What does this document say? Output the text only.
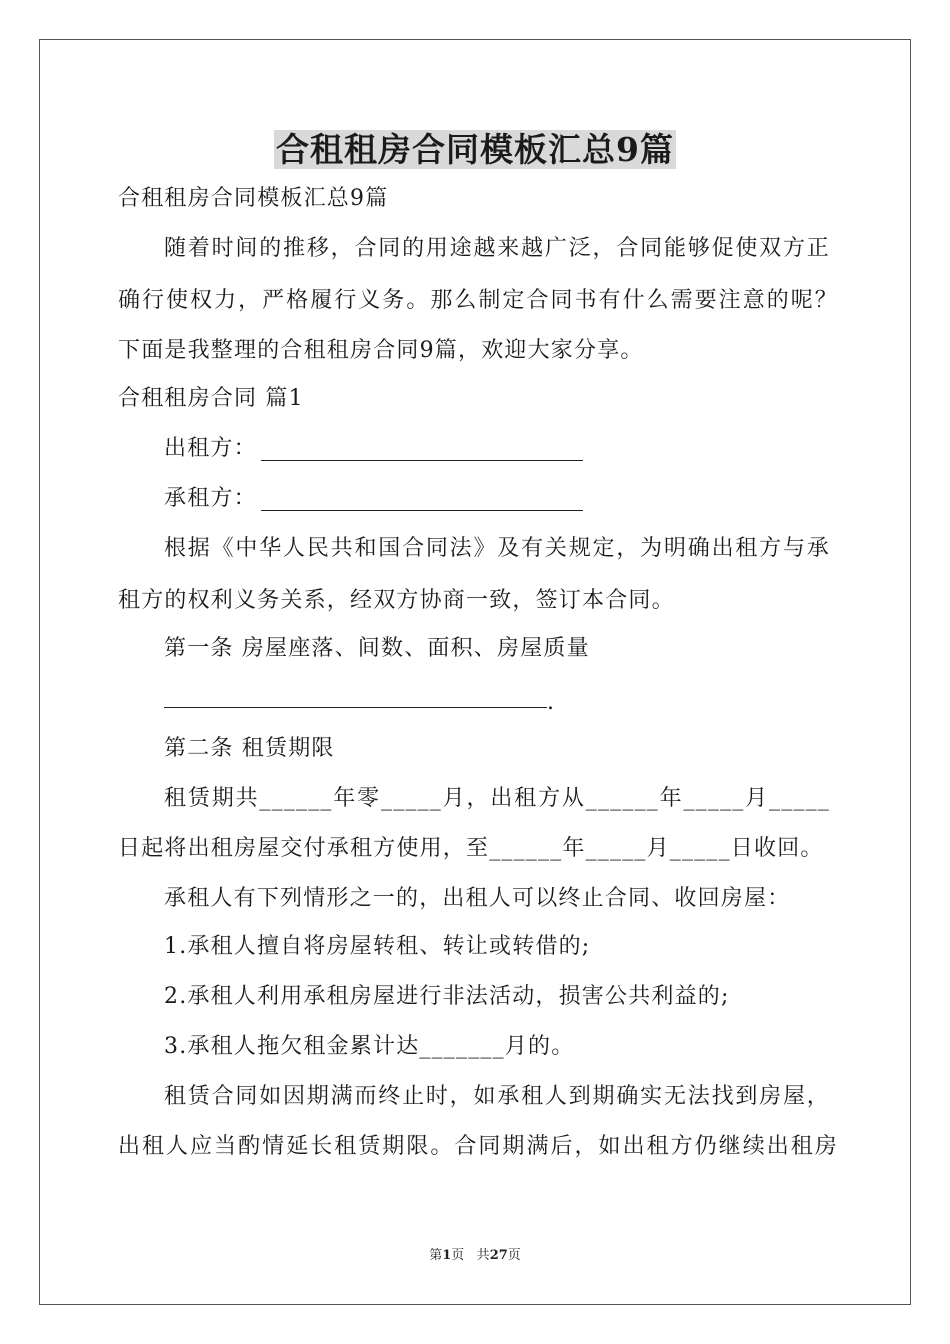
合租租房合同模板汇总9篇
合租租房合同模板汇总9篇
随着时间的推移，合同的用途越来越广泛，合同能够促使双方正
确行使权力，严格履行义务。那么制定合同书有什么需要注意的呢？
下面是我整理的合租租房合同9篇，欢迎大家分享。
合租租房合同 篇1
出租方：
承租方：
根据《中华人民共和国合同法》及有关规定，为明确出租方与承
租方的权利义务关系，经双方协商一致，签订本合同。
第一条 房屋座落、间数、面积、房屋质量
.
第二条 租赁期限
租赁期共______年零_____月，出租方从______年_____月_____
日起将出租房屋交付承租方使用，至______年_____月_____日收回。
承租人有下列情形之一的，出租人可以终止合同、收回房屋：
1.承租人擅自将房屋转租、转让或转借的;
2.承租人利用承租房屋进行非法活动，损害公共利益的;
3.承租人拖欠租金累计达_______月的。
租赁合同如因期满而终止时，如承租人到期确实无法找到房屋，
出租人应当酌情延长租赁期限。合同期满后，如出租方仍继续出租房
第1页 共27页
